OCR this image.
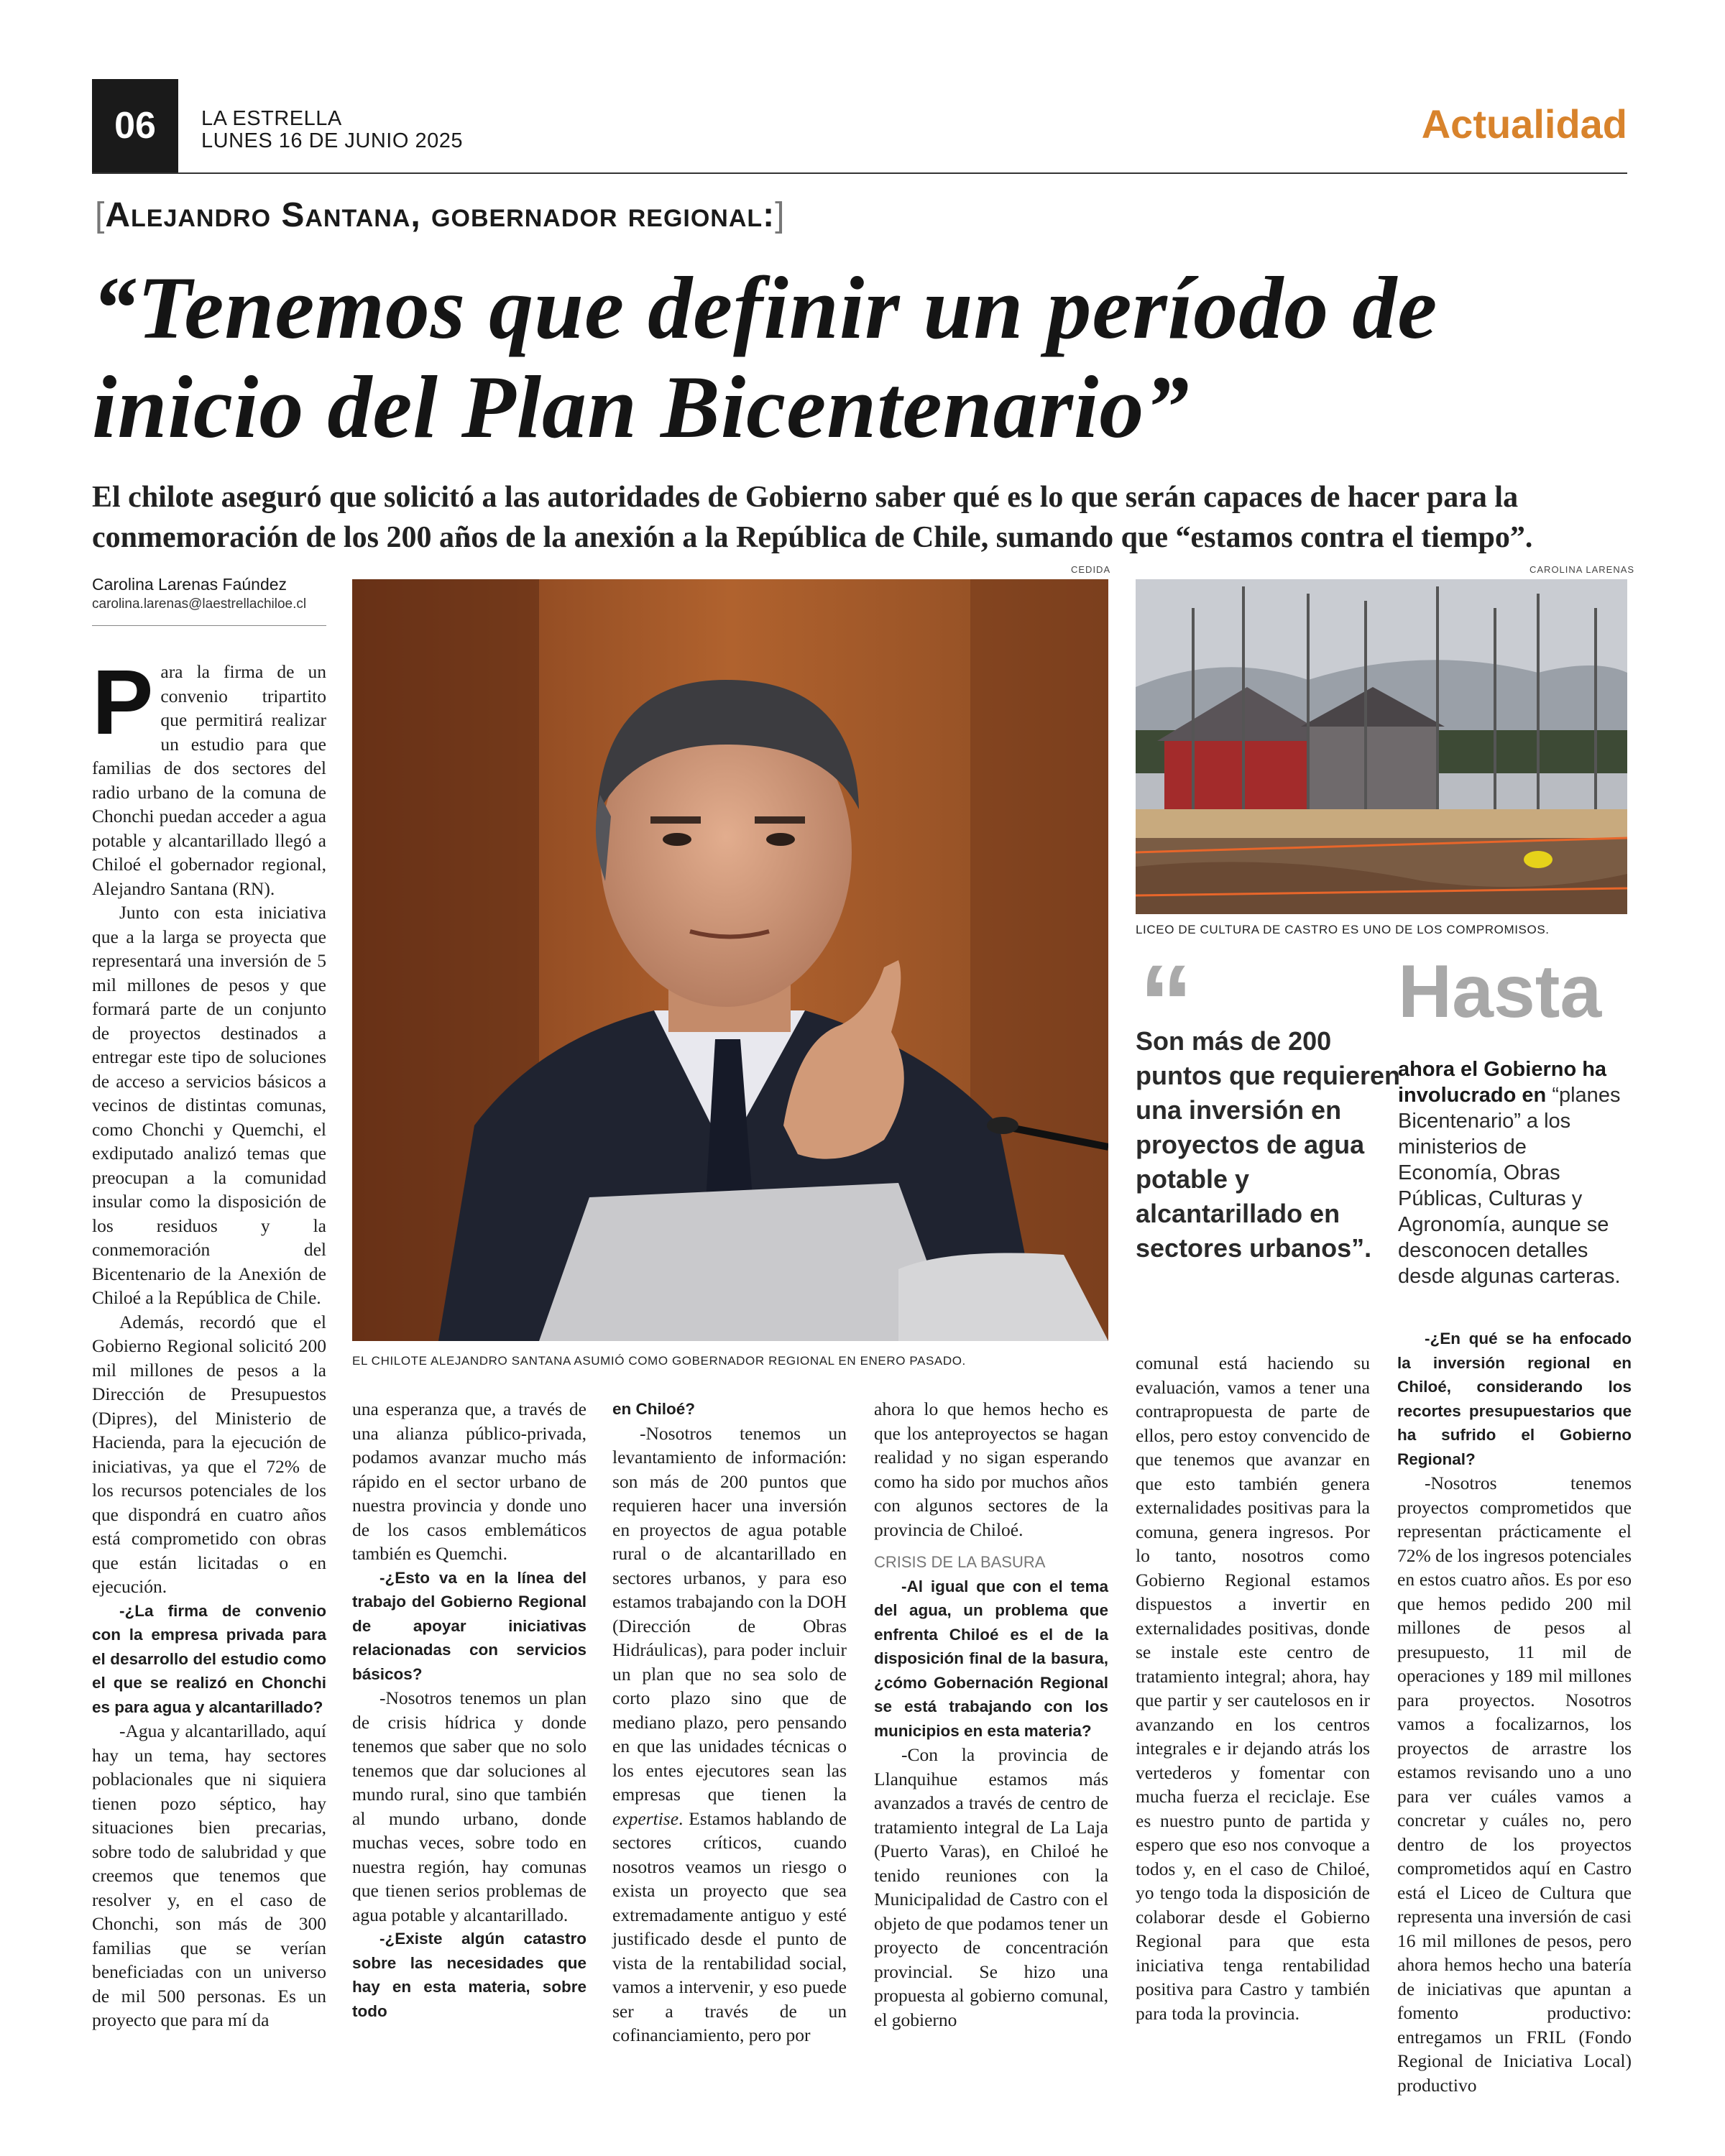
06	LA ESTRELLA
LUNES 16 DE JUNIO 2025	Actualidad
[Alejandro Santana, gobernador regional:]
“Tenemos que definir un período de inicio del Plan Bicentenario”
El chilote aseguró que solicitó a las autoridades de Gobierno saber qué es lo que serán capaces de hacer para la conmemoración de los 200 años de la anexión a la República de Chile, sumando que “estamos contra el tiempo”.
Carolina Larenas Faúndez
carolina.larenas@laestrellachiloe.cl
CEDIDA
EL CHILOTE ALEJANDRO SANTANA ASUMIÓ COMO GOBERNADOR REGIONAL EN ENERO PASADO.
CAROLINA LARENAS
LICEO DE CULTURA DE CASTRO ES UNO DE LOS COMPROMISOS.
“
Son más de 200 puntos que requieren una inversión en proyectos de agua potable y alcantarillado en sectores urbanos”.
Hasta
ahora el Gobierno ha involucrado en “planes Bicentenario” a los ministerios de Economía, Obras Públicas, Culturas y Agronomía, aunque se desconocen detalles desde algunas carteras.

Para la firma de un convenio tripartito que permitirá realizar un estudio para que familias de dos sectores del radio urbano de la comuna de Chonchi puedan acceder a agua potable y alcantarillado llegó a Chiloé el gobernador regional, Alejandro Santana (RN).

Junto con esta iniciativa que a la larga se proyecta que representará una inversión de 5 mil millones de pesos y que formará parte de un conjunto de proyectos destinados a entregar este tipo de soluciones de acceso a servicios básicos a vecinos de distintas comunas, como Chonchi y Quemchi, el exdiputado analizó temas que preocupan a la comunidad insular como la disposición de los residuos y la conmemoración del Bicentenario de la Anexión de Chiloé a la República de Chile.

Además, recordó que el Gobierno Regional solicitó 200 mil millones de pesos a la Dirección de Presupuestos (Dipres), del Ministerio de Hacienda, para la ejecución de iniciativas, ya que el 72% de los recursos potenciales de los que dispondrá en cuatro años está comprometido con obras que están licitadas o en ejecución.

-¿La firma de convenio con la empresa privada para el desarrollo del estudio como el que se realizó en Chonchi es para agua y alcantarillado?

-Agua y alcantarillado, aquí hay un tema, hay sectores poblacionales que ni siquiera tienen pozo séptico, hay situaciones bien precarias, sobre todo de salubridad y que creemos que tenemos que resolver y, en el caso de Chonchi, son más de 300 familias que se verían beneficiadas con un universo de mil 500 personas. Es un proyecto que para mí da

una esperanza que, a través de una alianza público-privada, podamos avanzar mucho más rápido en el sector urbano de nuestra provincia y donde uno de los casos emblemáticos también es Quemchi.

-¿Esto va en la línea del trabajo del Gobierno Regional de apoyar iniciativas relacionadas con servicios básicos?

-Nosotros tenemos un plan de crisis hídrica y donde tenemos que saber que no solo tenemos que dar soluciones al mundo rural, sino que también al mundo urbano, donde muchas veces, sobre todo en nuestra región, hay comunas que tienen serios problemas de agua potable y alcantarillado.

-¿Existe algún catastro sobre las necesidades que hay en esta materia, sobre todo

en Chiloé?

-Nosotros tenemos un levantamiento de información: son más de 200 puntos que requieren hacer una inversión en proyectos de agua potable rural o de alcantarillado en sectores urbanos, y para eso estamos trabajando con la DOH (Dirección de Obras Hidráulicas), para poder incluir un plan que no sea solo de corto plazo sino que de mediano plazo, pero pensando en que las unidades técnicas o los entes ejecutores sean las empresas que tienen la expertise. Estamos hablando de sectores críticos, cuando nosotros veamos un riesgo o exista un proyecto que sea extremadamente antiguo y esté justificado desde el punto de vista de la rentabilidad social, vamos a intervenir, y eso puede ser a través de un cofinanciamiento, pero por

ahora lo que hemos hecho es que los anteproyectos se hagan realidad y no sigan esperando como ha sido por muchos años con algunos sectores de la provincia de Chiloé.

CRISIS DE LA BASURA

-Al igual que con el tema del agua, un problema que enfrenta Chiloé es el de la disposición final de la basura, ¿cómo Gobernación Regional se está trabajando con los municipios en esta materia?

-Con la provincia de Llanquihue estamos más avanzados a través de centro de tratamiento integral de La Laja (Puerto Varas), en Chiloé he tenido reuniones con la Municipalidad de Castro con el objeto de que podamos tener un proyecto de concentración provincial. Se hizo una propuesta al gobierno comunal, el gobierno

comunal está haciendo su evaluación, vamos a tener una contrapropuesta de parte de ellos, pero estoy convencido de que tenemos que avanzar en que esto también genera externalidades positivas para la comuna, genera ingresos. Por lo tanto, nosotros como Gobierno Regional estamos dispuestos a invertir en externalidades positivas, donde se instale este centro de tratamiento integral; ahora, hay que partir y ser cautelosos en ir avanzando en los centros integrales e ir dejando atrás los vertederos y fomentar con mucha fuerza el reciclaje. Ese es nuestro punto de partida y espero que eso nos convoque a todos y, en el caso de Chiloé, yo tengo toda la disposición de colaborar desde el Gobierno Regional para que esta iniciativa tenga rentabilidad positiva para Castro y también para toda la provincia.

-¿En qué se ha enfocado la inversión regional en Chiloé, considerando los recortes presupuestarios que ha sufrido el Gobierno Regional?

-Nosotros tenemos proyectos comprometidos que representan prácticamente el 72% de los ingresos potenciales en estos cuatro años. Es por eso que hemos pedido 200 mil millones de pesos al presupuesto, 11 mil de operaciones y 189 mil millones para proyectos. Nosotros vamos a focalizarnos, los proyectos de arrastre los estamos revisando uno a uno para ver cuáles vamos a concretar y cuáles no, pero dentro de los proyectos comprometidos aquí en Castro está el Liceo de Cultura que representa una inversión de casi 16 mil millones de pesos, pero ahora hemos hecho una batería de iniciativas que apuntan a fomento productivo: entregamos un FRIL (Fondo Regional de Iniciativa Local) productivo
